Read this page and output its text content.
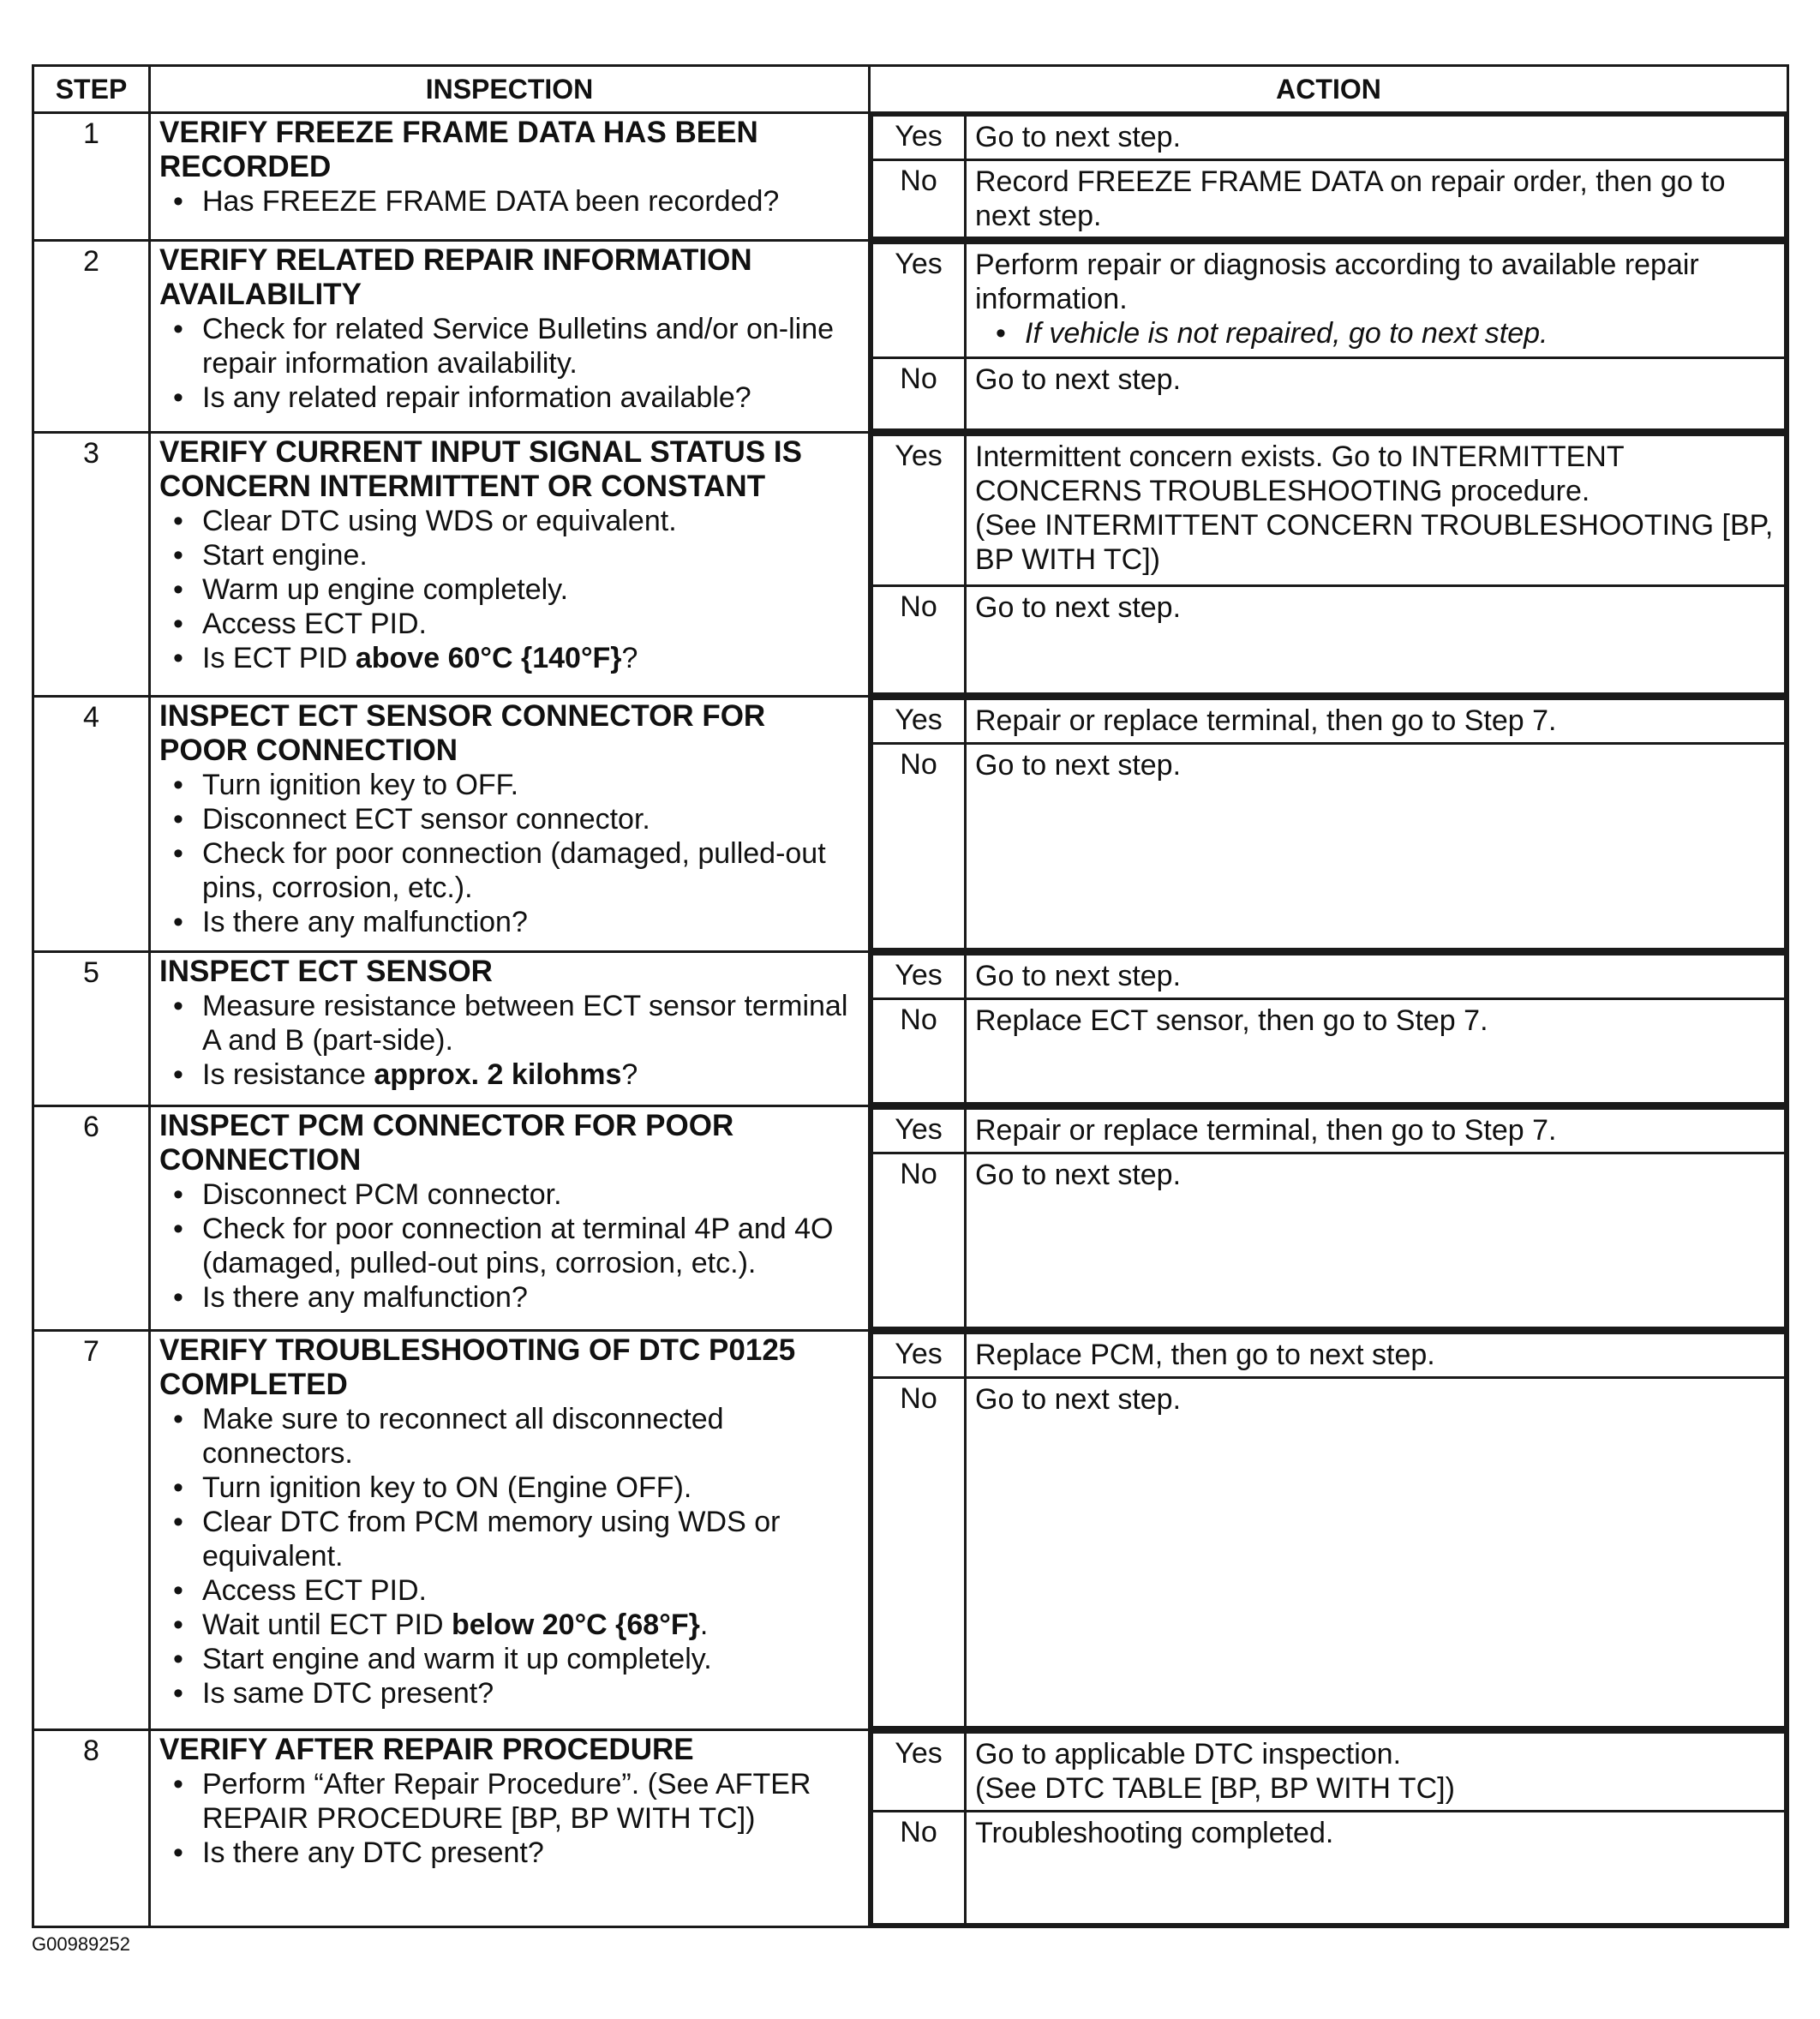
STEP	INSPECTION	ACTION
1	VERIFY FREEZE FRAME DATA HAS BEEN RECORDED
• Has FREEZE FRAME DATA been recorded?

Yes	Go to next step.
No	Record FREEZE FRAME DATA on repair order, then go to next step.

2	VERIFY RELATED REPAIR INFORMATION AVAILABILITY
• Check for related Service Bulletins and/or on-line repair information availability.
• Is any related repair information available?

Yes	Perform repair or diagnosis according to available repair information.
• If vehicle is not repaired, go to next step.

No	Go to next step.

3	VERIFY CURRENT INPUT SIGNAL STATUS IS CONCERN INTERMITTENT OR CONSTANT
• Clear DTC using WDS or equivalent.
• Start engine.
• Warm up engine completely.
• Access ECT PID.
• Is ECT PID above 60°C {140°F}?

Yes	Intermittent concern exists. Go to INTERMITTENT CONCERNS TROUBLESHOOTING procedure.
(See INTERMITTENT CONCERN TROUBLESHOOTING [BP, BP WITH TC])

No	Go to next step.

4	INSPECT ECT SENSOR CONNECTOR FOR POOR CONNECTION
• Turn ignition key to OFF.
• Disconnect ECT sensor connector.
• Check for poor connection (damaged, pulled-out pins, corrosion, etc.).
• Is there any malfunction?

Yes	Repair or replace terminal, then go to Step 7.
No	Go to next step.

5	INSPECT ECT SENSOR
• Measure resistance between ECT sensor terminal A and B (part-side).
• Is resistance approx. 2 kilohms?

Yes	Go to next step.
No	Replace ECT sensor, then go to Step 7.

6	INSPECT PCM CONNECTOR FOR POOR CONNECTION
• Disconnect PCM connector.
• Check for poor connection at terminal 4P and 4O (damaged, pulled-out pins, corrosion, etc.).
• Is there any malfunction?

Yes	Repair or replace terminal, then go to Step 7.
No	Go to next step.

7	VERIFY TROUBLESHOOTING OF DTC P0125 COMPLETED
• Make sure to reconnect all disconnected connectors.
• Turn ignition key to ON (Engine OFF).
• Clear DTC from PCM memory using WDS or equivalent.
• Access ECT PID.
• Wait until ECT PID below 20°C {68°F}.
• Start engine and warm it up completely.
• Is same DTC present?

Yes	Replace PCM, then go to next step.
No	Go to next step.

8	VERIFY AFTER REPAIR PROCEDURE
• Perform “After Repair Procedure”. (See AFTER REPAIR PROCEDURE [BP, BP WITH TC])
• Is there any DTC present?

Yes	Go to applicable DTC inspection.
(See DTC TABLE [BP, BP WITH TC])

No	Troubleshooting completed.
G00989252
